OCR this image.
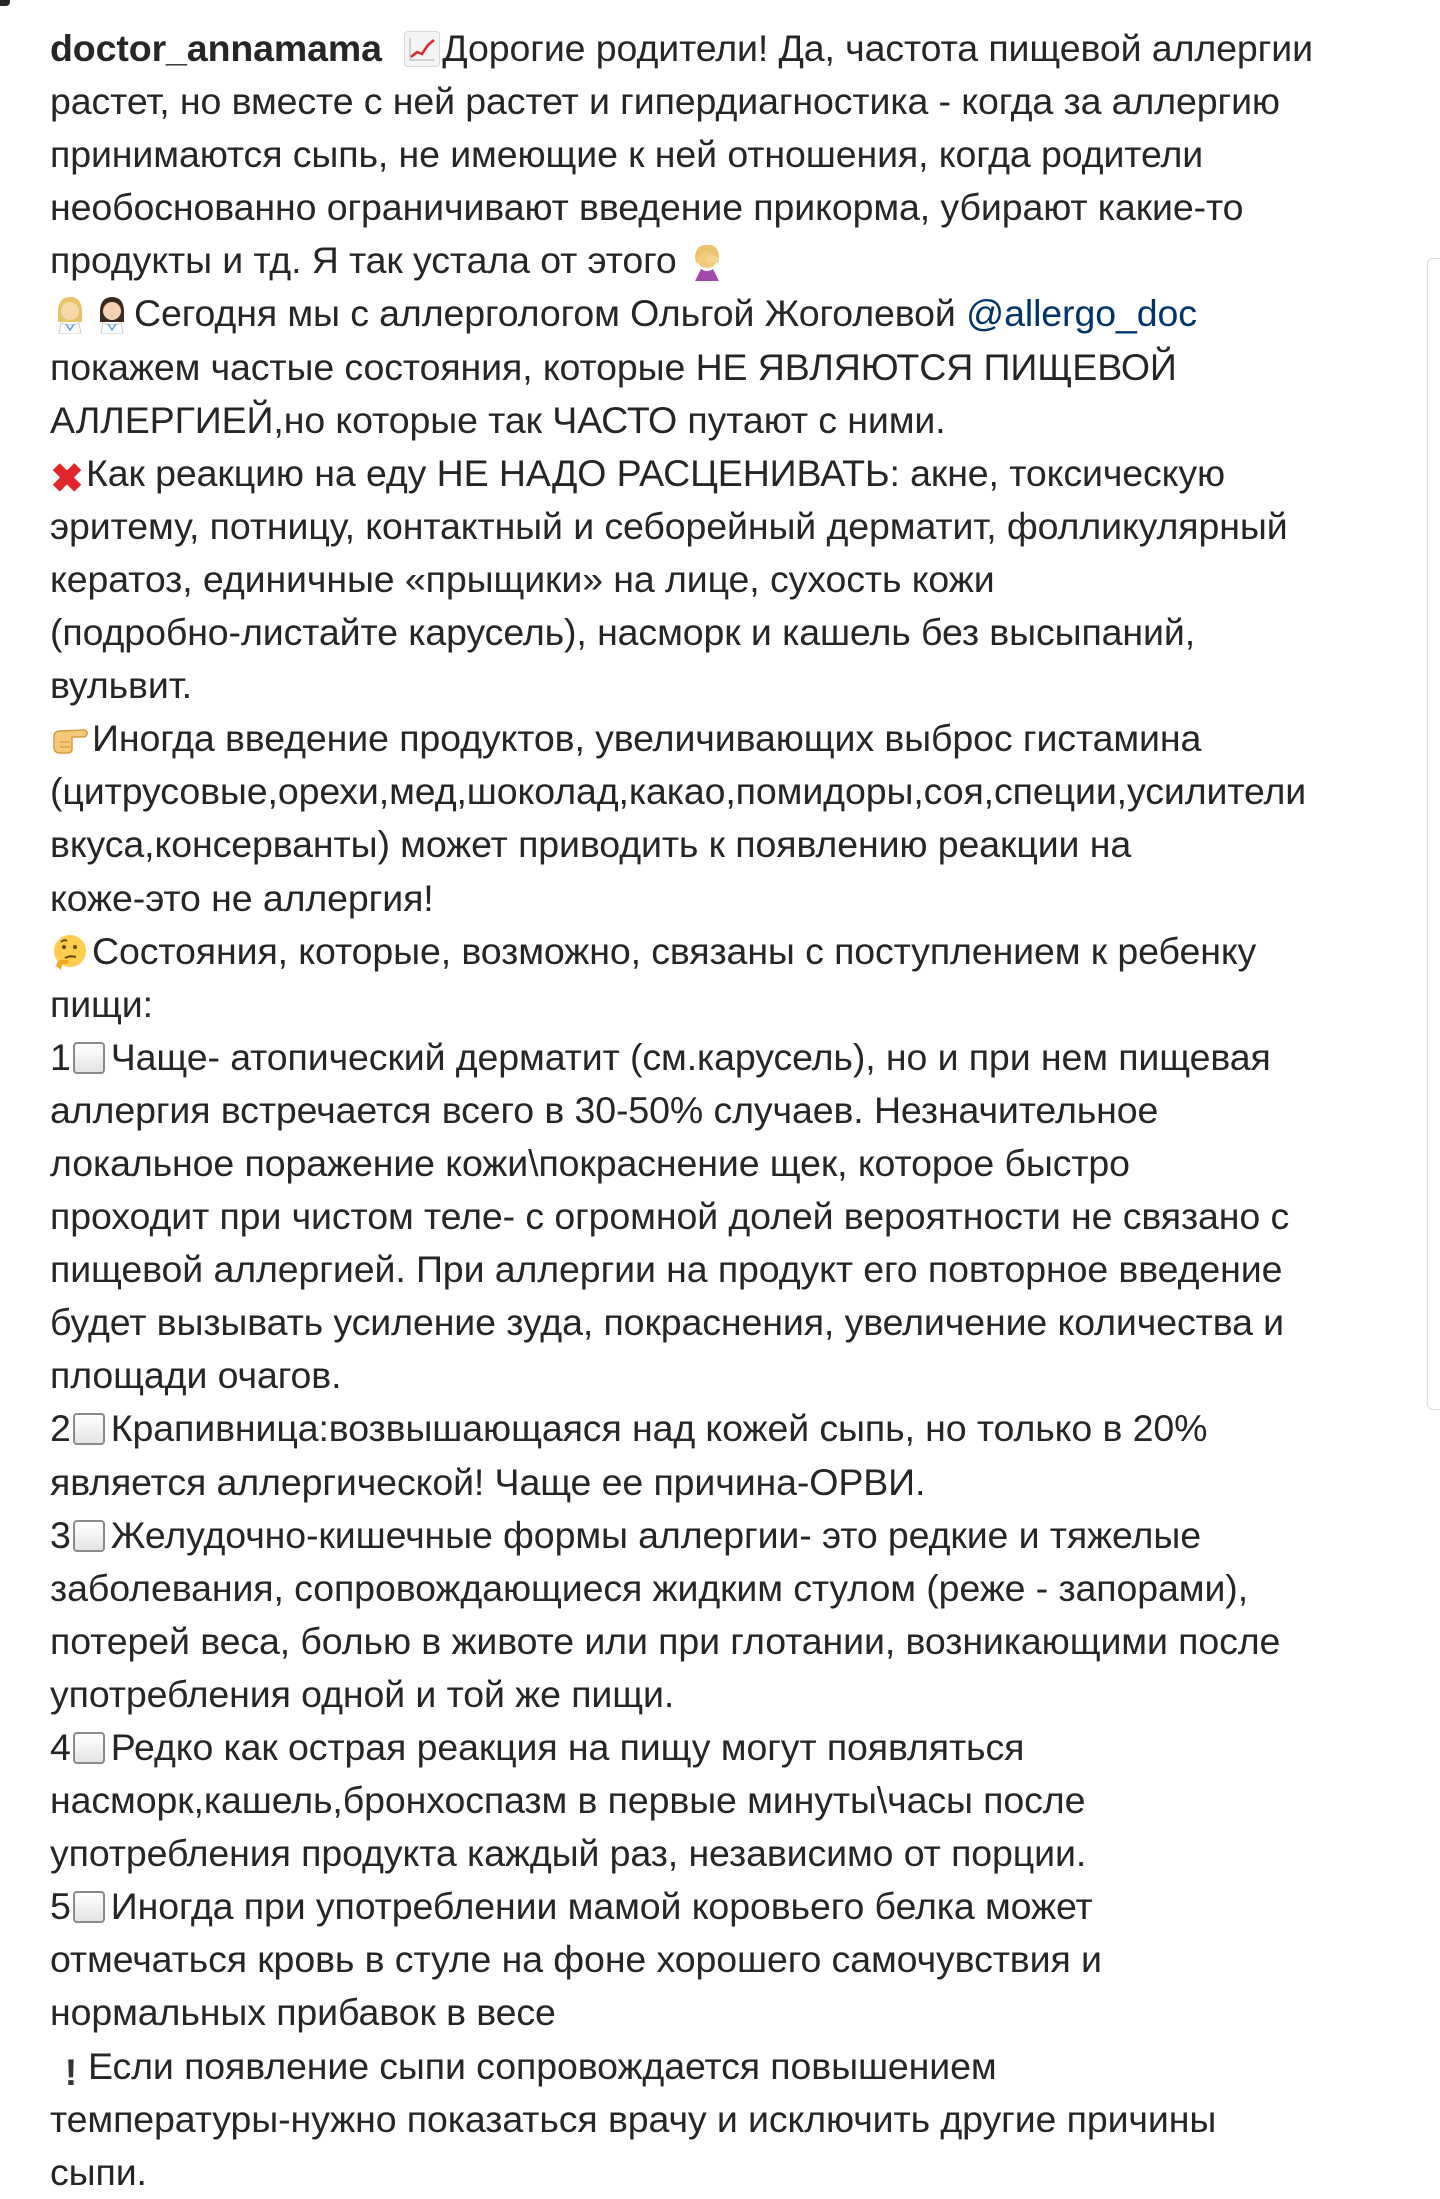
doctor_annamama Дорогие родители! Да, частота пищевой аллергии
растет, но вместе с ней растет и гипердиагностика - когда за аллергию
принимаются сыпь, не имеющие к ней отношения, когда родители
необоснованно ограничивают введение прикорма, убирают какие-то
продукты и тд. Я так устала от этого
Сегодня мы с аллергологом Ольгой Жоголевой @allergo_doc
покажем частые состояния, которые НЕ ЯВЛЯЮТСЯ ПИЩЕВОЙ
АЛЛЕРГИЕЙ,но которые так ЧАСТО путают с ними.
✖Как реакцию на еду НЕ НАДО РАСЦЕНИВАТЬ: акне, токсическую
эритему, потницу, контактный и себорейный дерматит, фолликулярный
кератоз, единичные «прыщики» на лице, сухость кожи
(подробно-листайте карусель), насморк и кашель без высыпаний,
вульвит.
Иногда введение продуктов, увеличивающих выброс гистамина
(цитрусовые,орехи,мед,шоколад,какао,помидоры,соя,специи,усилители
вкуса,консерванты) может приводить к появлению реакции на
коже-это не аллергия!
Состояния, которые, возможно, связаны с поступлением к ребенку
пищи:
1 Чаще- атопический дерматит (см.карусель), но и при нем пищевая
аллергия встречается всего в 30-50% случаев. Незначительное
локальное поражение кожи\покраснение щек, которое быстро
проходит при чистом теле- с огромной долей вероятности не связано с
пищевой аллергией. При аллергии на продукт его повторное введение
будет вызывать усиление зуда, покраснения, увеличение количества и
площади очагов.
2 Крапивница:возвышающаяся над кожей сыпь, но только в 20%
является аллергической! Чаще ее причина-ОРВИ.
3 Желудочно-кишечные формы аллергии- это редкие и тяжелые
заболевания, сопровождающиеся жидким стулом (реже - запорами),
потерей веса, болью в животе или при глотании, возникающими после
употребления одной и той же пищи.
4 Редко как острая реакция на пищу могут появляться
насморк,кашель,бронхоспазм в первые минуты\часы после
употребления продукта каждый раз, независимо от порции.
5 Иногда при употреблении мамой коровьего белка может
отмечаться кровь в стуле на фоне хорошего самочувствия и
нормальных прибавок в весе
! Если появление сыпи сопровождается повышением
температуры-нужно показаться врачу и исключить другие причины
сыпи.
